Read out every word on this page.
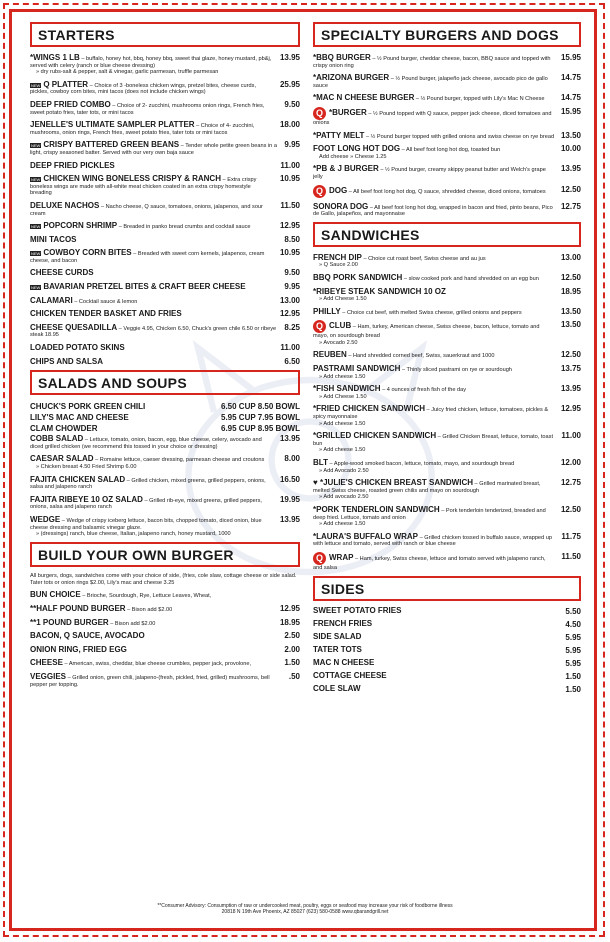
STARTERS
*WINGS 1 LB – buffalo, honey hot, bbq, honey bbq, sweet thai glaze, honey mustard, pb&j, served with celery (ranch or blue cheese dressing)
13.95
» dry rubs-salt & pepper, salt & vinegar, garlic parmesan, truffle parmesan
NEW Q PLATTER – Choice of 3 -boneless chicken wings, pretzel bites, cheese curds, pickles, cowboy corn bites, mini tacos (does not include chicken wings)
25.95
DEEP FRIED COMBO – Choice of 2- zucchini, mushrooms onion rings, French fries, sweet potato fries, tater tots, or mini tacos
9.50
JENELLE'S ULTIMATE SAMPLER PLATTER – Choice of 4- zucchini, mushrooms, onion rings, French fries, sweet potato fries, tater tots or mini tacos
18.00
NEW CRISPY BATTERED GREEN BEANS – Tender whole petite green beans in a light, crispy seasoned batter. Served with our very own baja sauce
9.95
DEEP FRIED PICKLES	11.00
NEW CHICKEN WING BONELESS CRISPY & RANCH – Extra crispy boneless wings are made with all-white meat chicken coated in an extra crispy homestyle breading
10.95
DELUXE NACHOS – Nacho cheese, Q sauce, tomatoes, onions, jalapenos, and sour cream
11.50
NEW POPCORN SHRIMP – Breaded in panko bread crumbs and cocktail sauce	12.95
MINI TACOS	8.50
NEW COWBOY CORN BITES – Breaded with sweet corn kernels, jalapenos, cream cheese, and bacon
10.95
CHEESE CURDS	9.50
NEW BAVARIAN PRETZEL BITES & CRAFT BEER CHEESE	9.95
CALAMARI – Cocktail sauce & lemon	13.00
CHICKEN TENDER BASKET AND FRIES	12.95
CHEESE QUESADILLA – Veggie 4.95, Chicken 6.50, Chuck's green chile 6.50 or ribeye steak 18.95
8.25
LOADED POTATO SKINS	11.00
CHIPS AND SALSA	6.50
SALADS AND SOUPS
CHUCK'S PORK GREEN CHILI	6.50 CUP 8.50 BOWL
LILY'S MAC AND CHEESE	5.95 CUP 7.95 BOWL
CLAM CHOWDER	6.95 CUP 8.95 BOWL
COBB SALAD – Lettuce, tomato, onion, bacon, egg, blue cheese, celery, avocado and diced grilled chicken (we recommend this tossed in your choice or dressing)
13.95
CAESAR SALAD – Romaine lettuce, caeser dressing, parmesan cheese and croutons	8.00
» Chicken breast 4.50 Fried Shrimp 6.00
FAJITA CHICKEN SALAD – Grilled chicken, mixed greens, grilled peppers, onions, salsa and jalapeno ranch
16.50
FAJITA RIBEYE 10 OZ SALAD – Grilled rib-eye, mixed greens, grilled peppers, onions, salsa and jalapeno ranch
19.95
WEDGE – Wedge of crispy iceberg lettuce, bacon bits, chopped tomato, diced onion, blue cheese dressing and balsamic vinegar glaze.
13.95
» (dressings) ranch, blue cheese, Italian, jalapeno ranch, honey mustard, 1000
BUILD YOUR OWN BURGER
All burgers, dogs, sandwiches come with your choice of side, (fries, cole slaw, cottage cheese or side salad. Tater tots or onion rings $2.00, Lily's mac and cheese 3.25
BUN CHOICE – Brioche, Sourdough, Rye, Lettuce Leaves, Wheat,
**HALF POUND BURGER – Bison add $2.00	12.95
**1 POUND BURGER – Bison add $2.00	18.95
BACON, Q SAUCE, AVOCADO	2.50
ONION RING, FRIED EGG	2.00
CHEESE – American, swiss, cheddar, blue cheese crumbles, pepper jack, provolone,	1.50
VEGGIES – Grilled onion, green chili, jalapeno-(fresh, pickled, fried, grilled) mushrooms, bell pepper per topping.
.50
SPECIALTY BURGERS AND DOGS
*BBQ BURGER – ½ Pound burger, cheddar cheese, bacon, BBQ sauce and topped with crispy onion ring
15.95
*ARIZONA BURGER – ½ Pound burger, jalapeño jack cheese, avocado pico de gallo sauce
14.75
*MAC N CHEESE BURGER – ½ Pound burger, topped with Lily's Mac N Cheese 14.75
Q *BURGER – ½ Pound topped with Q sauce, pepper jack cheese, diced tomatoes and onions
15.95
*PATTY MELT – ½ Pound burger topped with grilled onions and swiss cheese on rye bread 13.50
FOOT LONG HOT DOG – All beef foot long hot dog, toasted bun	10.00
Add cheese » Cheese 1.25
*PB & J BURGER – ½ Pound burger, creamy skippy peanut butter and Welch's grape jelly
13.95
Q DOG – All beef foot long hot dog, Q sauce, shredded cheese, diced onions, tomatoes 12.50
SONORA DOG – All beef foot long hot dog, wrapped in bacon and fried, pinto beans, Pico de Gallo, jalapeños, and mayonnaise
12.75
SANDWICHES
FRENCH DIP – Choice cut roast beef, Swiss cheese and au jus	13.00
» Q Sauce 2.00
BBQ PORK SANDWICH – slow cooked pork and hand shredded on an egg bun	12.50
*RIBEYE STEAK SANDWICH 10 OZ	18.95
» Add Cheese 1.50
PHILLY – Choice cut beef, with melted Swiss cheese, grilled onions and peppers	13.50
Q CLUB – Ham, turkey, American cheese, Swiss cheese, bacon, lettuce, tomato and mayo, on sourdough bread
13.50
» Avocado 2.50
REUBEN – Hand shredded corned beef, Swiss, sauerkraut and 1000	12.50
PASTRAMI SANDWICH – Thinly sliced pastrami on rye or sourdough	13.75
» Add cheese 1.50
*FISH SANDWICH – 4 ounces of fresh fish of the day	13.95
» Add Cheese 1.50
*FRIED CHICKEN SANDWICH – Juicy fried chicken, lettuce, tomatoes, pickles & spicy mayonnaise
12.95
» Add cheese 1.50
*GRILLED CHICKEN SANDWICH – Grilled Chicken Breast, lettuce, tomato, toast bun
11.00
» Add cheese 1.50
BLT – Apple-wood smoked bacon, lettuce, tomato, mayo, and sourdough bread	12.00
» Add Avocado 2.50
♥ *JULIE'S CHICKEN BREAST SANDWICH – Grilled marinated breast, melted Swiss cheese, roasted green chilis and mayo on sourdough
12.75
» Add avocado 2.50
*PORK TENDERLOIN SANDWICH – Pork tenderloin tenderized, breaded and deep fried. Lettuce, tomato and onion
12.50
» Add cheese 1.50
*LAURA'S BUFFALO WRAP – Grilled chicken tossed in buffalo sauce, wrapped up with lettuce and tomato, served with ranch or blue cheese
11.75
Q WRAP – Ham, turkey, Swiss cheese, lettuce and tomato served with jalapeno ranch, and salsa
11.50
SIDES
SWEET POTATO FRIES	5.50
FRENCH FRIES	4.50
SIDE SALAD	5.95
TATER TOTS	5.95
MAC N CHEESE	5.95
COTTAGE CHEESE	1.50
COLE SLAW	1.50
**Consumer Advisory: Consumption of raw or undercooked meat, poultry, eggs or seafood may increase your risk of foodborne illness
20818 N 19th Ave Phoenix, AZ 85027 (623) 580-0588 www.qbarandgrill.net
